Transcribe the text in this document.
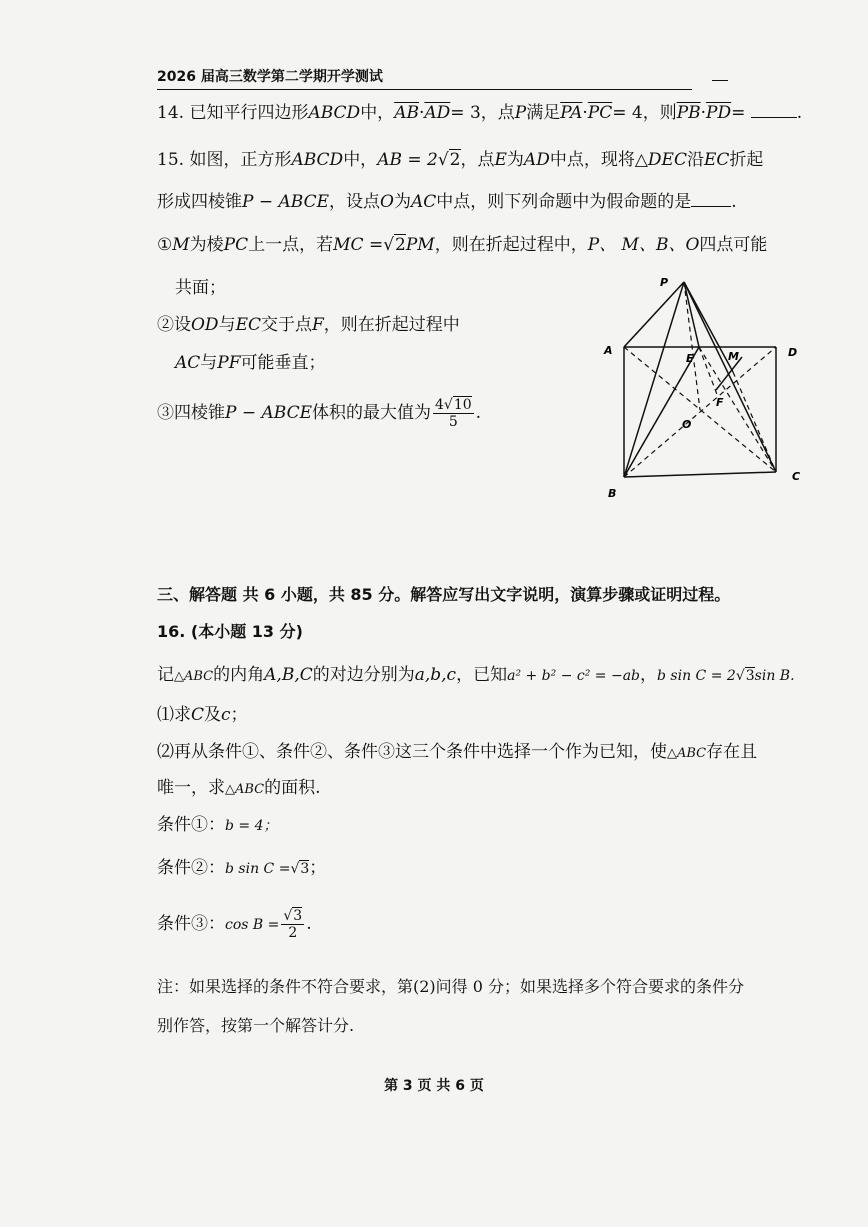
2026 届高三数学第二学期开学测试
14. 已知平行四边形ABCD中，$\overline{AB}\cdot\overline{AD}= 3$，点P满足$\overline{PA}\cdot\overline{PC}= 4$，则$\overline{PB}\cdot\overline{PD}=$	.
15. 如图，正方形ABCD中，AB = 2√2，点E为AD中点，现将△DEC沿EC折起
形成四棱锥P − ABCE，设点O为AC中点，则下列命题中为假命题的是 .
①M为棱PC上一点，若MC =√2PM，则在折起过程中，P、 M、B、O四点可能
共面；
②设OD与EC交于点F，则在折起过程中
AC与PF可能垂直；
③四棱锥P − ABCE体积的最大值为 $\frac{4√10}{5}$ .
P
A
E	M	D
F
O
B
C
三、解答题 共 6 小题，共 85 分。解答应写出文字说明，演算步骤或证明过程。
16. (本小题 13 分)
记△ABC的内角A,B,C的对边分别为a,b,c，已知a² + b² − c² = −ab，b sin C = 2√3sin B.
⑴求C及c；
⑵再从条件①、条件②、条件③这三个条件中选择一个作为已知，使△ABC存在且
唯一，求△ABC的面积.
条件①：b = 4；
条件②：b sin C =√3；
条件③：$\cos B = \frac{√3}{2}$ .
注：如果选择的条件不符合要求，第(2)问得 0 分；如果选择多个符合要求的条件分
别作答，按第一个解答计分.
第 3 页 共 6 页
